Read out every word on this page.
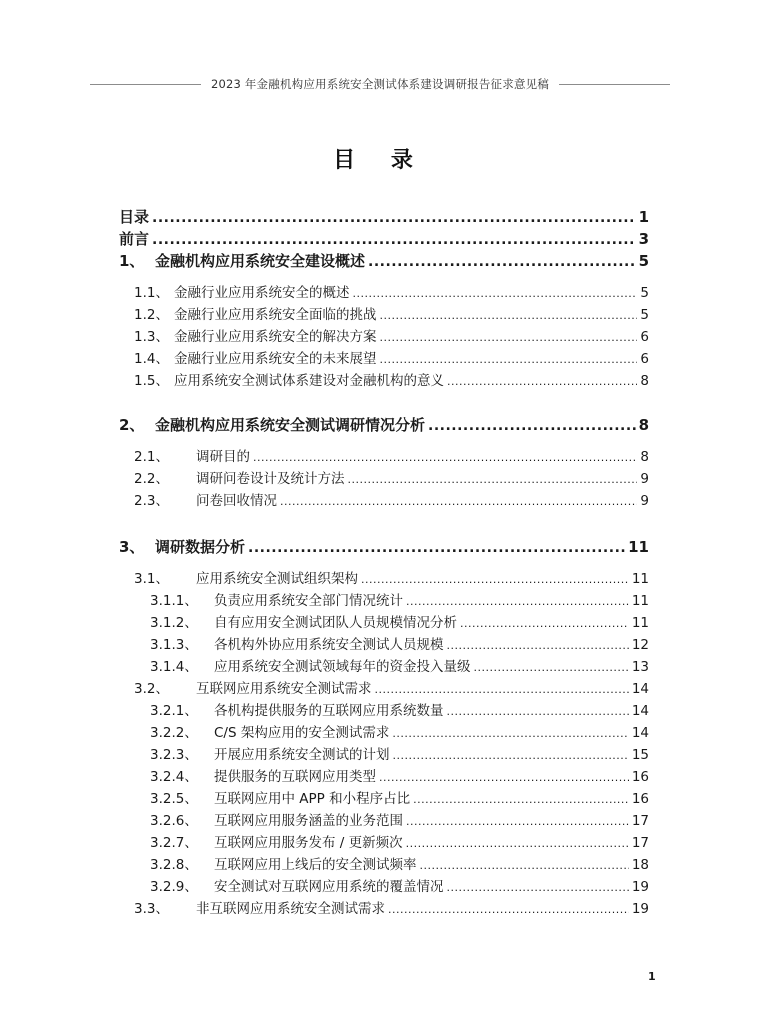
2023 年金融机构应用系统安全测试体系建设调研报告征求意见稿
目 录
目录 .....	1
前言 .....	3
1、 金融机构应用系统安全建设概述 .....	5
1.1、 金融行业应用系统安全的概述 .....	5
1.2、 金融行业应用系统安全面临的挑战 .....	5
1.3、 金融行业应用系统安全的解决方案 .....	6
1.4、 金融行业应用系统安全的未来展望 .....	6
1.5、 应用系统安全测试体系建设对金融机构的意义 .....	8
2、 金融机构应用系统安全测试调研情况分析 .....	8
2.1、	调研目的 .....	8
2.2、	调研问卷设计及统计方法 .....	9
2.3、	问卷回收情况 .....	9
3、 调研数据分析 .....	11
3.1、	应用系统安全测试组织架构 .....	11
3.1.1、	负责应用系统安全部门情况统计 .....	11
3.1.2、	自有应用安全测试团队人员规模情况分析 .....	11
3.1.3、	各机构外协应用系统安全测试人员规模 .....	12
3.1.4、	应用系统安全测试领域每年的资金投入量级 .....	13
3.2、	互联网应用系统安全测试需求 .....	14
3.2.1、	各机构提供服务的互联网应用系统数量 .....	14
3.2.2、	C/S 架构应用的安全测试需求 .....	14
3.2.3、	开展应用系统安全测试的计划 .....	15
3.2.4、	提供服务的互联网应用类型 .....	16
3.2.5、	互联网应用中 APP 和小程序占比 .....	16
3.2.6、	互联网应用服务涵盖的业务范围 .....	17
3.2.7、	互联网应用服务发布 / 更新频次 .....	17
3.2.8、	互联网应用上线后的安全测试频率 .....	18
3.2.9、	安全测试对互联网应用系统的覆盖情况 .....	19
3.3、	非互联网应用系统安全测试需求 .....	19
1
